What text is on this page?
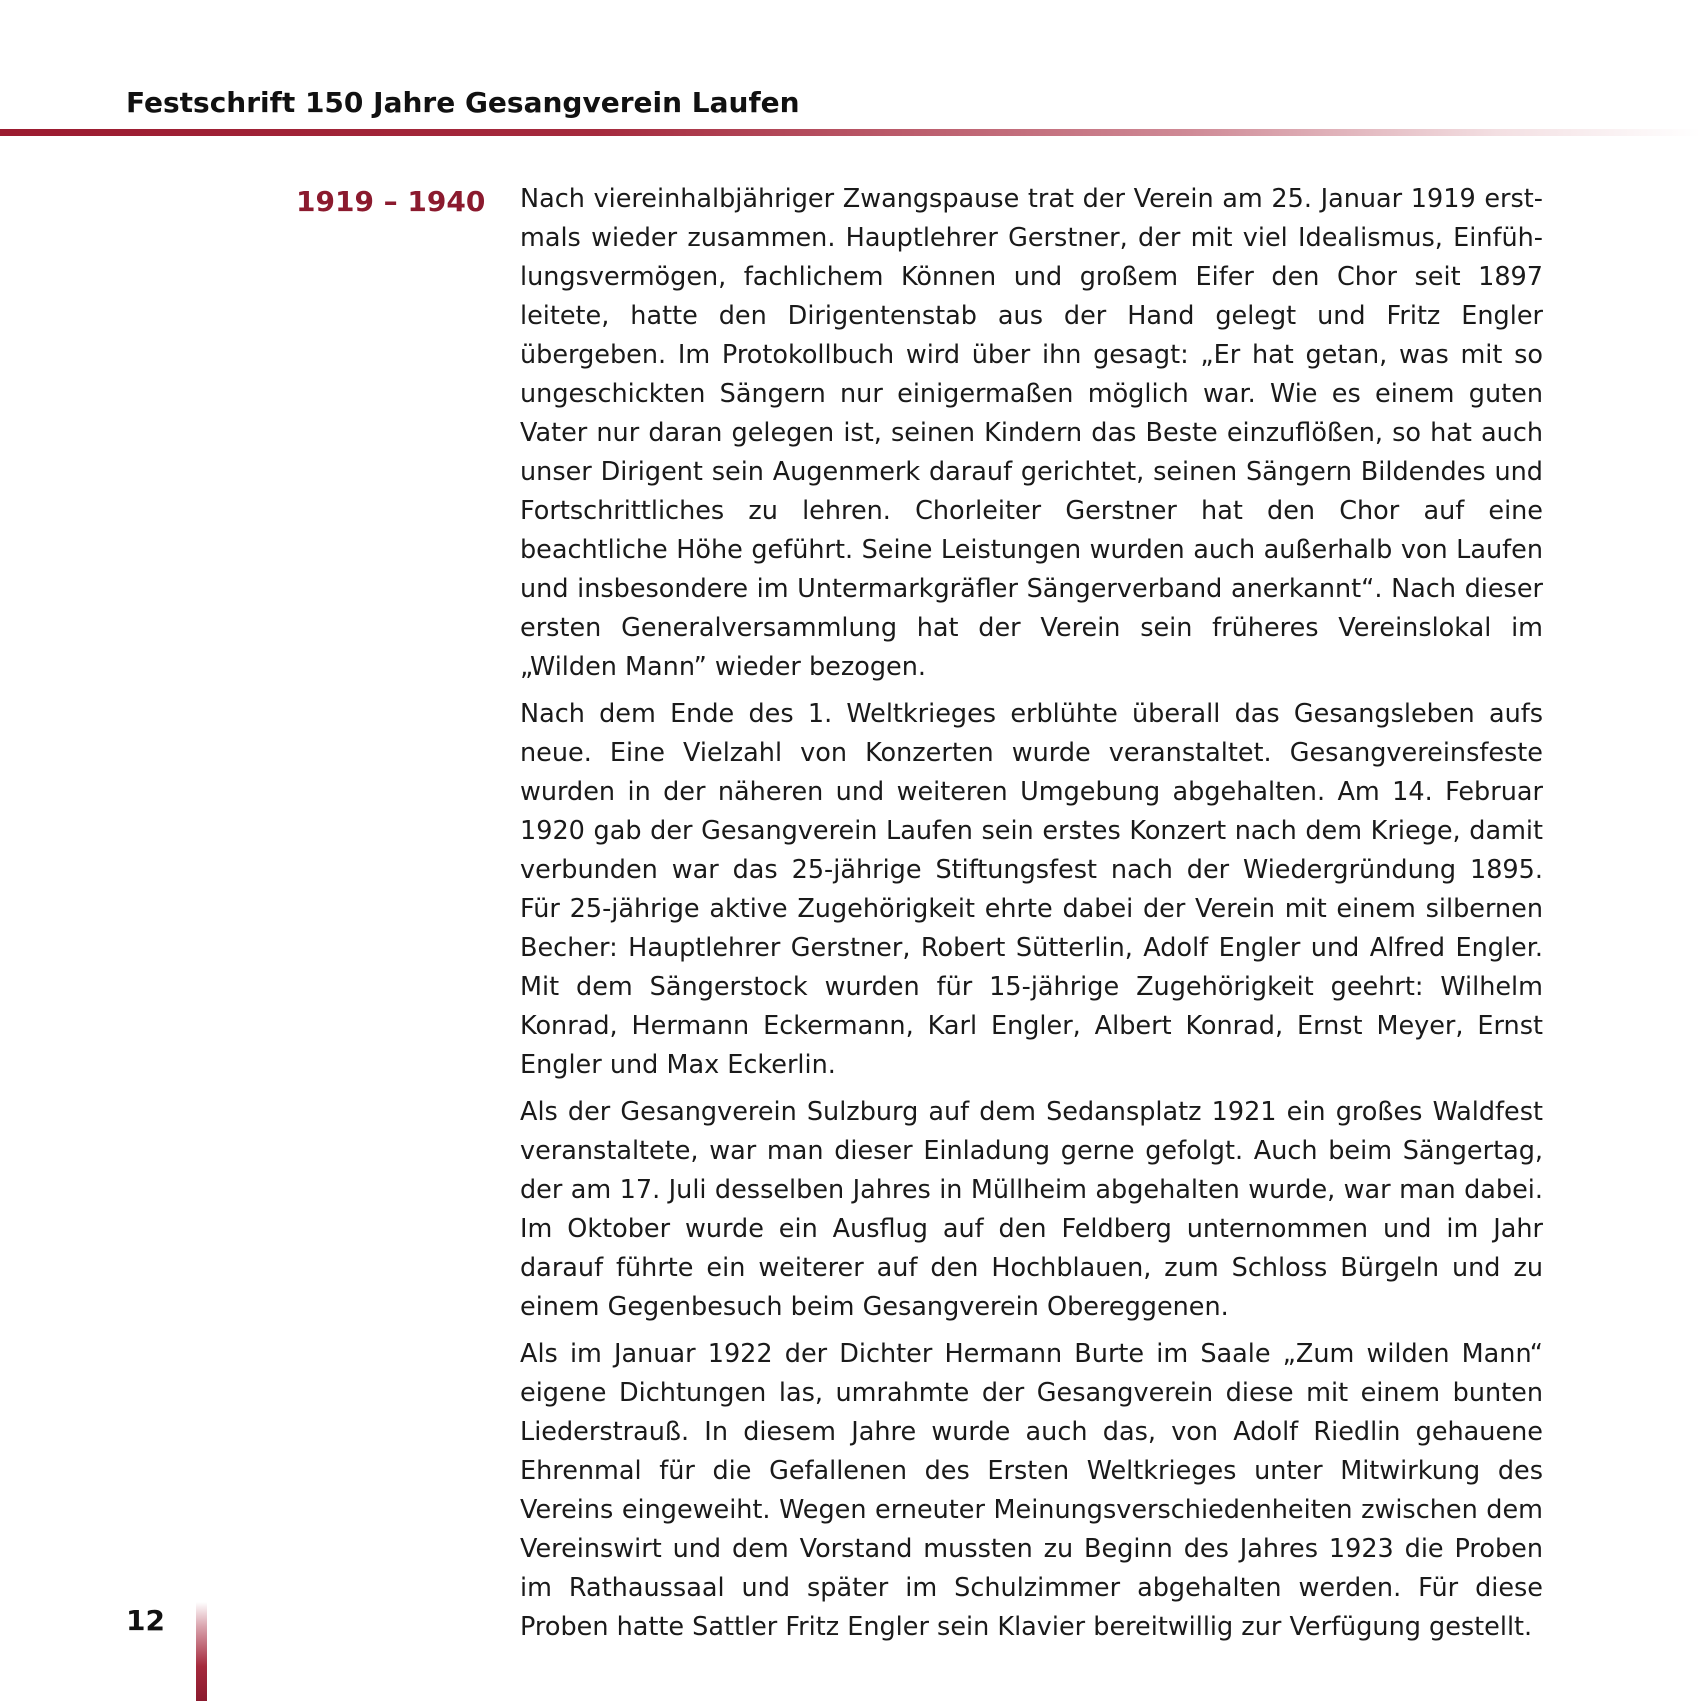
Festschrift 150 Jahre Gesangverein Laufen
1919 – 1940 Nach viereinhalbjähriger Zwangspause trat der Verein am 25. Januar 1919 erstmals wieder zusammen. Hauptlehrer Gerstner, der mit viel Idealismus, Einfühlungsvermögen, fachlichem Können und großem Eifer den Chor seit 1897 leitete, hatte den Dirigentenstab aus der Hand gelegt und Fritz Engler übergeben. Im Protokollbuch wird über ihn gesagt: „Er hat getan, was mit so ungeschickten Sängern nur einigermaßen möglich war. Wie es einem guten Vater nur daran gelegen ist, seinen Kindern das Beste einzuflößen, so hat auch unser Dirigent sein Augenmerk darauf gerichtet, seinen Sängern Bildendes und Fortschrittliches zu lehren. Chorleiter Gerstner hat den Chor auf eine beachtliche Höhe geführt. Seine Leistungen wurden auch außerhalb von Laufen und insbesondere im Untermarkgräfler Sängerverband anerkannt“. Nach dieser ersten Generalversammlung hat der Verein sein früheres Vereinslokal im „Wilden Mann” wieder bezogen.

Nach dem Ende des 1. Weltkrieges erblühte überall das Gesangsleben aufs neue. Eine Vielzahl von Konzerten wurde veranstaltet. Gesangvereinsfeste wurden in der näheren und weiteren Umgebung abgehalten. Am 14. Februar 1920 gab der Gesangverein Laufen sein erstes Konzert nach dem Kriege, damit verbunden war das 25-jährige Stiftungsfest nach der Wiedergründung 1895. Für 25-jährige aktive Zugehörigkeit ehrte dabei der Verein mit einem silbernen Becher: Hauptlehrer Gerstner, Robert Sütterlin, Adolf Engler und Alfred Engler. Mit dem Sängerstock wurden für 15-jährige Zugehörigkeit geehrt: Wilhelm Konrad, Hermann Eckermann, Karl Engler, Albert Konrad, Ernst Meyer, Ernst Engler und Max Eckerlin.

Als der Gesangverein Sulzburg auf dem Sedansplatz 1921 ein großes Waldfest veranstaltete, war man dieser Einladung gerne gefolgt. Auch beim Sängertag, der am 17. Juli desselben Jahres in Müllheim abgehalten wurde, war man dabei. Im Oktober wurde ein Ausflug auf den Feldberg unternommen und im Jahr darauf führte ein weiterer auf den Hochblauen, zum Schloss Bürgeln und zu einem Gegenbesuch beim Gesangverein Obereggenen.

Als im Januar 1922 der Dichter Hermann Burte im Saale „Zum wilden Mann“ eigene Dichtungen las, umrahmte der Gesangverein diese mit einem bunten Liederstrauß. In diesem Jahre wurde auch das, von Adolf Riedlin gehauene Ehrenmal für die Gefallenen des Ersten Weltkrieges unter Mitwirkung des Vereins eingeweiht. Wegen erneuter Meinungsverschiedenheiten zwischen dem Vereinswirt und dem Vorstand mussten zu Beginn des Jahres 1923 die Proben im Rathaussaal und später im Schulzimmer abgehalten werden. Für diese Proben hatte Sattler Fritz Engler sein Klavier bereitwillig zur Verfügung gestellt.

12
